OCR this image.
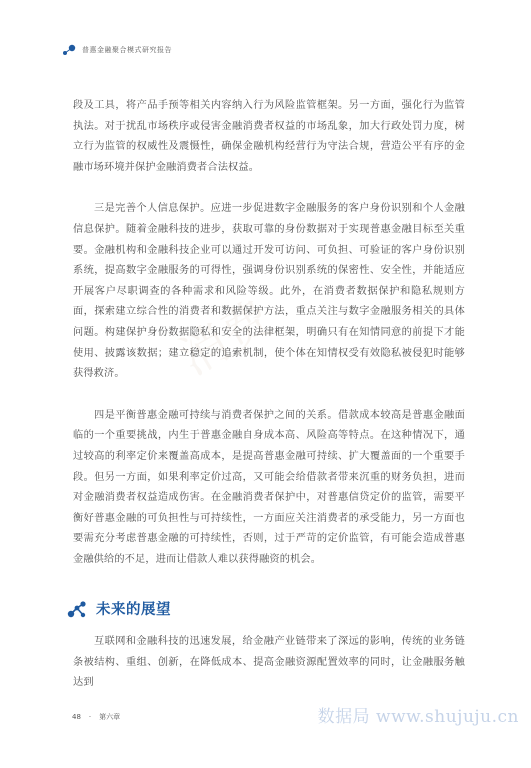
普惠金融聚合模式研究报告
消费

段及工具，将产品手预等相关内容纳入行为风险监管框架。另一方面，强化行为监管执法。对于扰乱市场秩序或侵害金融消费者权益的市场乱象，加大行政处罚力度，树立行为监管的权威性及震慑性，确保金融机构经营行为守法合规，营造公平有序的金融市场环境并保护金融消费者合法权益。

三是完善个人信息保护。应进一步促进数字金融服务的客户身份识别和个人金融信息保护。随着金融科技的进步，获取可靠的身份数据对于实现普惠金融目标至关重要。金融机构和金融科技企业可以通过开发可访问、可负担、可验证的客户身份识别系统，提高数字金融服务的可得性，强调身份识别系统的保密性、安全性，并能适应开展客户尽职调查的各种需求和风险等级。此外，在消费者数据保护和隐私规则方面，探索建立综合性的消费者和数据保护方法，重点关注与数字金融服务相关的具体问题。构建保护身份数据隐私和安全的法律框架，明确只有在知情同意的前提下才能使用、披露该数据；建立稳定的追索机制，使个体在知情权受有效隐私被侵犯时能够获得救济。

四是平衡普惠金融可持续与消费者保护之间的关系。借款成本较高是普惠金融面临的一个重要挑战，内生于普惠金融自身成本高、风险高等特点。在这种情况下，通过较高的利率定价来覆盖高成本，是提高普惠金融可持续、扩大覆盖面的一个重要手段。但另一方面，如果利率定价过高，又可能会给借款者带来沉重的财务负担，进而对金融消费者权益造成伤害。在金融消费者保护中，对普惠信贷定价的监管，需要平衡好普惠金融的可负担性与可持续性，一方面应关注消费者的承受能力，另一方面也要需充分考虑普惠金融的可持续性，否则，过于严苛的定价监管，有可能会造成普惠金融供给的不足，进而让借款人难以获得融资的机会。

未来的展望

互联网和金融科技的迅速发展，给金融产业链带来了深远的影响，传统的业务链条被结构、重组、创新，在降低成本、提高金融资源配置效率的同时，让金融服务触达到

48 · 第六章	数据局 www.shujuju.cn
